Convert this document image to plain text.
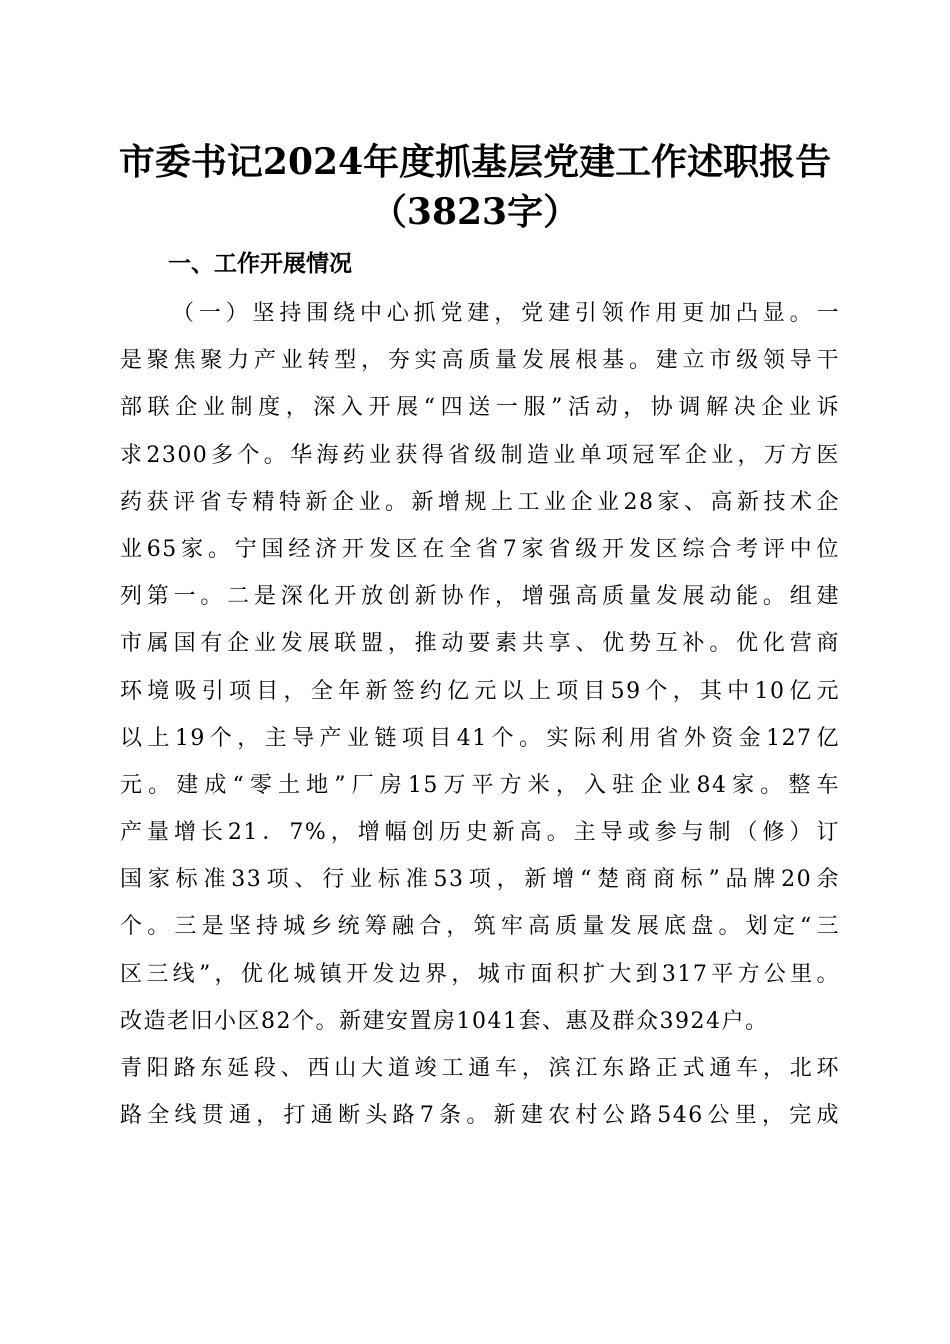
市委书记2024年度抓基层党建工作述职报告
（3823字）
一、工作开展情况
（一）坚持围绕中心抓党建，党建引领作用更加凸显。一
是聚焦聚力产业转型，夯实高质量发展根基。建立市级领导干
部联企业制度，深入开展“四送一服”活动，协调解决企业诉
求2300多个。华海药业获得省级制造业单项冠军企业，万方医
药获评省专精特新企业。新增规上工业企业28家、高新技术企
业65家。宁国经济开发区在全省7家省级开发区综合考评中位
列第一。二是深化开放创新协作，增强高质量发展动能。组建
市属国有企业发展联盟，推动要素共享、优势互补。优化营商
环境吸引项目，全年新签约亿元以上项目59个，其中10亿元
以上19个，主导产业链项目41个。实际利用省外资金127亿
元。建成“零土地”厂房15万平方米，入驻企业84家。整车
产量增长21．7%，增幅创历史新高。主导或参与制（修）订
国家标准33项、行业标准53项，新增“楚商商标”品牌20余
个。三是坚持城乡统筹融合，筑牢高质量发展底盘。划定“三
区三线”，优化城镇开发边界，城市面积扩大到317平方公里。
改造老旧小区82个。新建安置房1041套、惠及群众3924户。
青阳路东延段、西山大道竣工通车，滨江东路正式通车，北环
路全线贯通，打通断头路7条。新建农村公路546公里，完成
